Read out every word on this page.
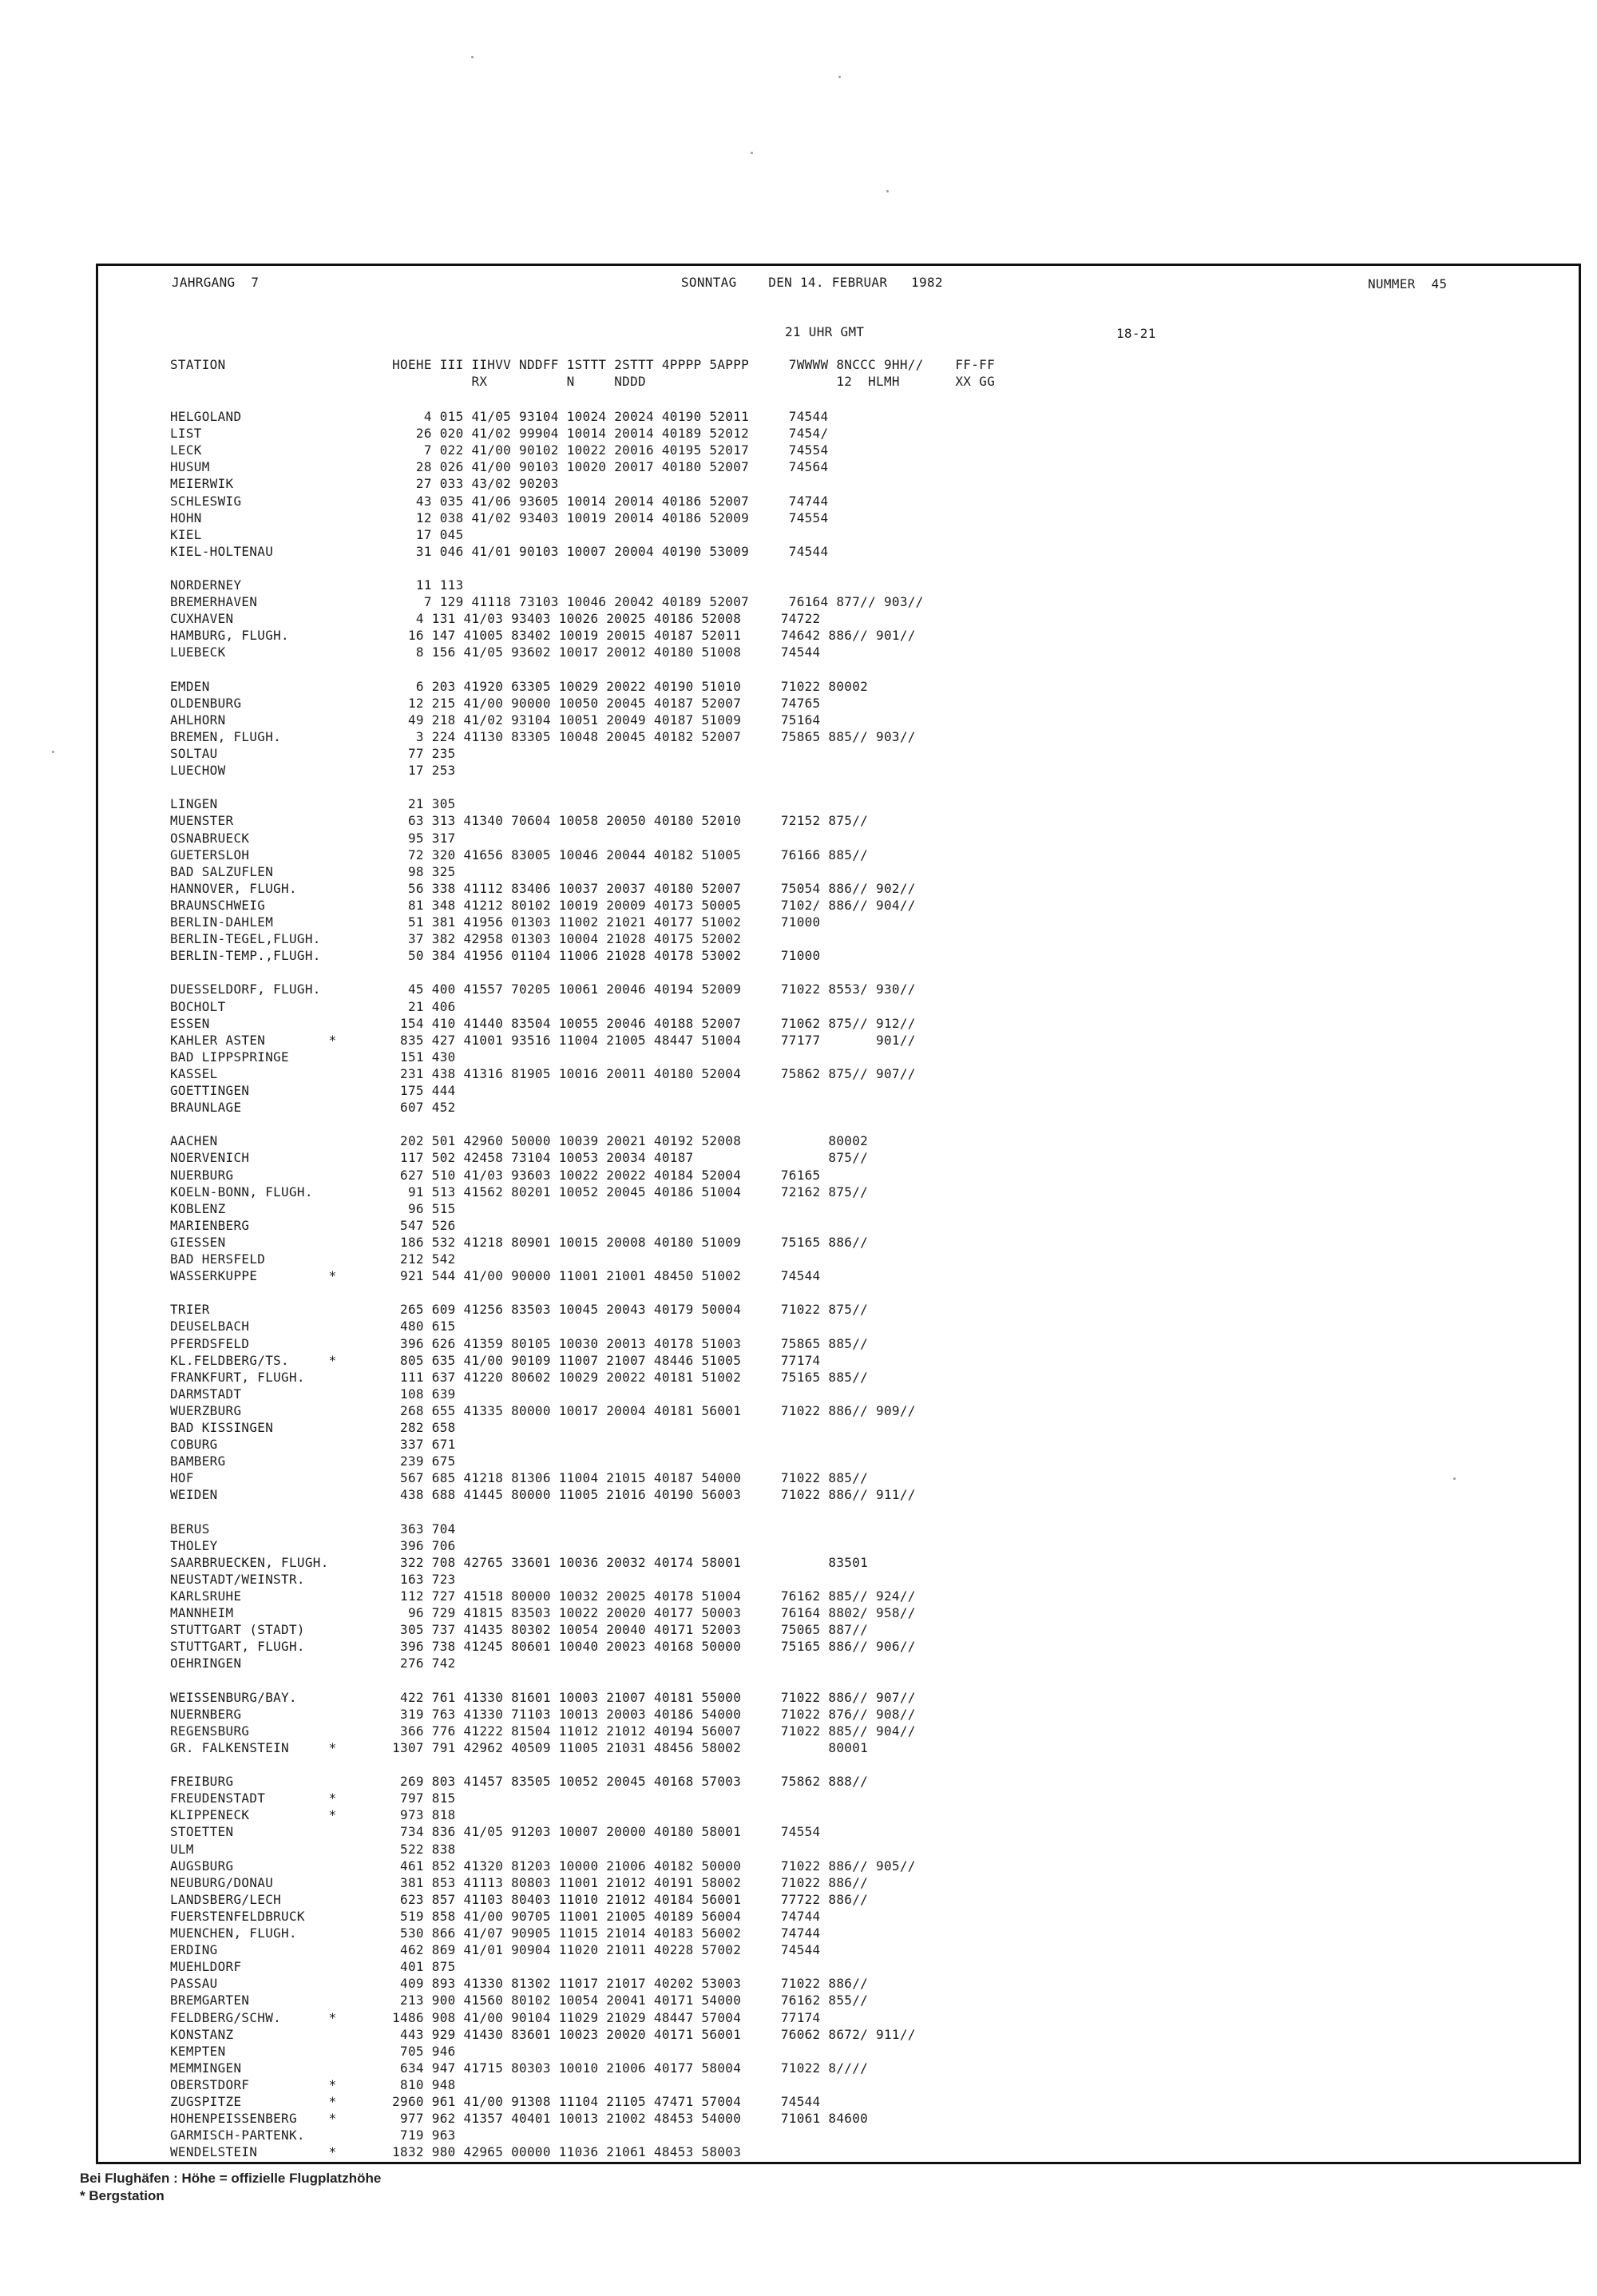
JAHRGANG  7	SONNTAG    DEN 14. FEBRUAR   1982	NUMMER  45
21 UHR GMT	18-21
STATION                     HOEHE III IIHVV NDDFF 1STTT 2STTT 4PPPP 5APPP     7WWWW 8NCCC 9HH//    FF-FF
RX          N     NDDD                        12  HLMH       XX GG
HELGOLAND                       4 015 41/05 93104 10024 20024 40190 52011     74544
LIST                           26 020 41/02 99904 10014 20014 40189 52012     7454/
LECK                            7 022 41/00 90102 10022 20016 40195 52017     74554
HUSUM                          28 026 41/00 90103 10020 20017 40180 52007     74564
MEIERWIK                       27 033 43/02 90203
SCHLESWIG                      43 035 41/06 93605 10014 20014 40186 52007     74744
HOHN                           12 038 41/02 93403 10019 20014 40186 52009     74554
KIEL                           17 045
KIEL-HOLTENAU                  31 046 41/01 90103 10007 20004 40190 53009     74544
NORDERNEY                      11 113
BREMERHAVEN                     7 129 41118 73103 10046 20042 40189 52007     76164 877// 903//
CUXHAVEN                       4 131 41/03 93403 10026 20025 40186 52008     74722
HAMBURG, FLUGH.               16 147 41005 83402 10019 20015 40187 52011     74642 886// 901//
LUEBECK                        8 156 41/05 93602 10017 20012 40180 51008     74544
EMDEN                          6 203 41920 63305 10029 20022 40190 51010     71022 80002
OLDENBURG                     12 215 41/00 90000 10050 20045 40187 52007     74765
AHLHORN                       49 218 41/02 93104 10051 20049 40187 51009     75164
BREMEN, FLUGH.                 3 224 41130 83305 10048 20045 40182 52007     75865 885// 903//
SOLTAU                        77 235
LUECHOW                       17 253
LINGEN                        21 305
MUENSTER                      63 313 41340 70604 10058 20050 40180 52010     72152 875//
OSNABRUECK                    95 317
GUETERSLOH                    72 320 41656 83005 10046 20044 40182 51005     76166 885//
BAD SALZUFLEN                 98 325
HANNOVER, FLUGH.              56 338 41112 83406 10037 20037 40180 52007     75054 886// 902//
BRAUNSCHWEIG                  81 348 41212 80102 10019 20009 40173 50005     7102/ 886// 904//
BERLIN-DAHLEM                 51 381 41956 01303 11002 21021 40177 51002     71000
BERLIN-TEGEL,FLUGH.           37 382 42958 01303 10004 21028 40175 52002
BERLIN-TEMP.,FLUGH.           50 384 41956 01104 11006 21028 40178 53002     71000
DUESSELDORF, FLUGH.           45 400 41557 70205 10061 20046 40194 52009     71022 8553/ 930//
BOCHOLT                       21 406
ESSEN                        154 410 41440 83504 10055 20046 40188 52007     71062 875// 912//
KAHLER ASTEN        *        835 427 41001 93516 11004 21005 48447 51004     77177       901//
BAD LIPPSPRINGE              151 430
KASSEL                       231 438 41316 81905 10016 20011 40180 52004     75862 875// 907//
GOETTINGEN                   175 444
BRAUNLAGE                    607 452
AACHEN                       202 501 42960 50000 10039 20021 40192 52008           80002
NOERVENICH                   117 502 42458 73104 10053 20034 40187                 875//
NUERBURG                     627 510 41/03 93603 10022 20022 40184 52004     76165
KOELN-BONN, FLUGH.            91 513 41562 80201 10052 20045 40186 51004     72162 875//
KOBLENZ                       96 515
MARIENBERG                   547 526
GIESSEN                      186 532 41218 80901 10015 20008 40180 51009     75165 886//
BAD HERSFELD                 212 542
WASSERKUPPE         *        921 544 41/00 90000 11001 21001 48450 51002     74544
TRIER                        265 609 41256 83503 10045 20043 40179 50004     71022 875//
DEUSELBACH                   480 615
PFERDSFELD                   396 626 41359 80105 10030 20013 40178 51003     75865 885//
KL.FELDBERG/TS.     *        805 635 41/00 90109 11007 21007 48446 51005     77174
FRANKFURT, FLUGH.            111 637 41220 80602 10029 20022 40181 51002     75165 885//
DARMSTADT                    108 639
WUERZBURG                    268 655 41335 80000 10017 20004 40181 56001     71022 886// 909//
BAD KISSINGEN                282 658
COBURG                       337 671
BAMBERG                      239 675
HOF                          567 685 41218 81306 11004 21015 40187 54000     71022 885//
WEIDEN                       438 688 41445 80000 11005 21016 40190 56003     71022 886// 911//
BERUS                        363 704
THOLEY                       396 706
SAARBRUECKEN, FLUGH.         322 708 42765 33601 10036 20032 40174 58001           83501
NEUSTADT/WEINSTR.            163 723
KARLSRUHE                    112 727 41518 80000 10032 20025 40178 51004     76162 885// 924//
MANNHEIM                      96 729 41815 83503 10022 20020 40177 50003     76164 8802/ 958//
STUTTGART (STADT)            305 737 41435 80302 10054 20040 40171 52003     75065 887//
STUTTGART, FLUGH.            396 738 41245 80601 10040 20023 40168 50000     75165 886// 906//
OEHRINGEN                    276 742
WEISSENBURG/BAY.             422 761 41330 81601 10003 21007 40181 55000     71022 886// 907//
NUERNBERG                    319 763 41330 71103 10013 20003 40186 54000     71022 876// 908//
REGENSBURG                   366 776 41222 81504 11012 21012 40194 56007     71022 885// 904//
GR. FALKENSTEIN     *       1307 791 42962 40509 11005 21031 48456 58002           80001
FREIBURG                     269 803 41457 83505 10052 20045 40168 57003     75862 888//
FREUDENSTADT        *        797 815
KLIPPENECK          *        973 818
STOETTEN                     734 836 41/05 91203 10007 20000 40180 58001     74554
ULM                          522 838
AUGSBURG                     461 852 41320 81203 10000 21006 40182 50000     71022 886// 905//
NEUBURG/DONAU                381 853 41113 80803 11001 21012 40191 58002     71022 886//
LANDSBERG/LECH               623 857 41103 80403 11010 21012 40184 56001     77722 886//
FUERSTENFELDBRUCK            519 858 41/00 90705 11001 21005 40189 56004     74744
MUENCHEN, FLUGH.             530 866 41/07 90905 11015 21014 40183 56002     74744
ERDING                       462 869 41/01 90904 11020 21011 40228 57002     74544
MUEHLDORF                    401 875
PASSAU                       409 893 41330 81302 11017 21017 40202 53003     71022 886//
BREMGARTEN                   213 900 41560 80102 10054 20041 40171 54000     76162 855//
FELDBERG/SCHW.      *       1486 908 41/00 90104 11029 21029 48447 57004     77174
KONSTANZ                     443 929 41430 83601 10023 20020 40171 56001     76062 8672/ 911//
KEMPTEN                      705 946
MEMMINGEN                    634 947 41715 80303 10010 21006 40177 58004     71022 8////
OBERSTDORF          *        810 948
ZUGSPITZE           *       2960 961 41/00 91308 11104 21105 47471 57004     74544
HOHENPEISSENBERG    *        977 962 41357 40401 10013 21002 48453 54000     71061 84600
GARMISCH-PARTENK.            719 963
WENDELSTEIN         *       1832 980 42965 00000 11036 21061 48453 58003
Bei Flughäfen : Höhe = offizielle Flugplatzhöhe
* Bergstation
